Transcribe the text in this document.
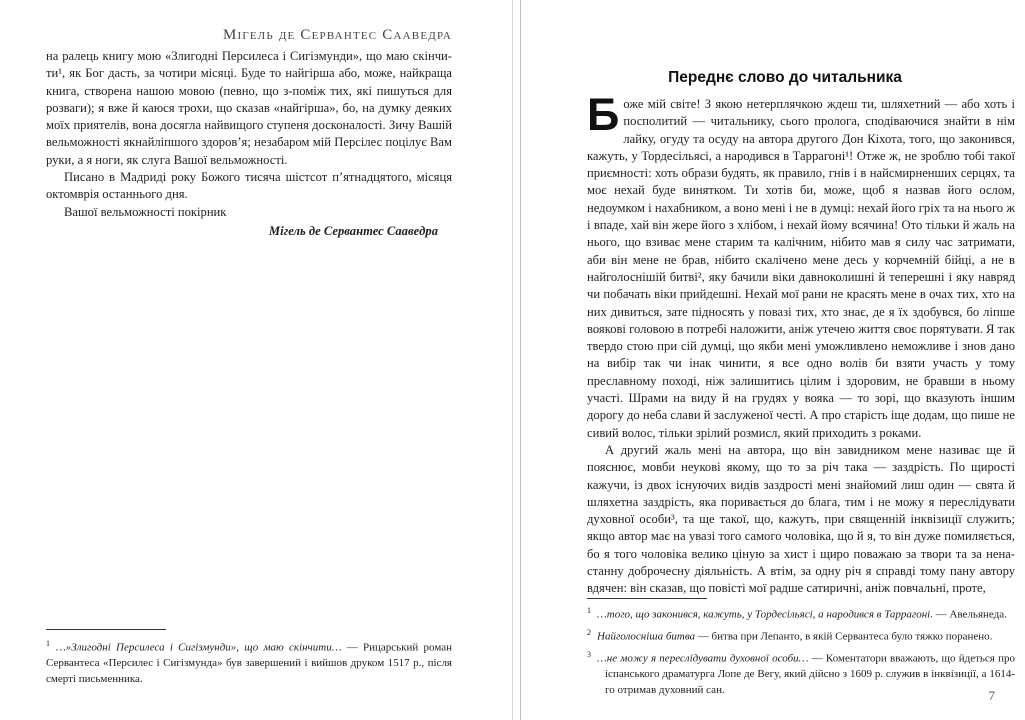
Мігель де Сервантес Саавeдра

на ралець книгу мою «Злигодні Персилеса і Сигізмунди», що маю скінчити¹, як Бог дасть, за чотири місяці. Буде то найгірша або, може, найкраща книга, створена нашою мовою (певно, що з-поміж тих, які пишуться для розваги); я вже й каюся трохи, що сказав «найгірша», бо, на думку деяких моїх приятелів, вона досягла найвищого ступеня досконалості. Зичу Вашій вельможності якнайліпшого здоров’я; незабаром мій Персілес поцілує Вам руки, а я ноги, як слуга Вашої вельможності.

Писано в Мадриді року Божого тисяча шістсот п’ятнадцятого, місяця октомврія останнього дня.

Вашої вельможності покірник

Мігель де Сервантес Саавeдра

$^1$ …»Злигодні Персилеса і Сигізмунди», що маю скінчити… — Рицарський роман Сервантеса «Персилес і Сигізмунда» був завершений і вийшов друком 1517 р., після смерті письменника.

Переднє слово до читальника

Боже мій світе! З якою нетерплячкою ждеш ти, шляхетний — або хоть і посполитий — читальнику, сього пролога, сподіваючися знайти в нім лайку, огуду та осуду на автора другого Дон Кіхота, того, що законився, кажуть, у Тордесільясі, а народився в Таррагоні¹! Отже ж, не зроблю тобі такої приємності: хоть образи будять, як правило, гнів і в найсмирненших серцях, та моє нехай буде винятком. Ти хотів би, може, щоб я назвав його ослом, недоумком і нахабником, а воно мені і не в думці: нехай його гріх та на нього ж і впаде, хай він жере його з хлібом, і нехай йому всячина! Ото тільки й жаль на нього, що взиває мене старим та калічним, нібито мав я силу час затримати, аби він мене не брав, нібито скалічено мене десь у корчемній бійці, а не в найголоснішій битві², яку бачили віки давноколишні й теперешні і яку навряд чи побачать віки прийдешні. Нехай мої рани не красять мене в очах тих, хто на них дивиться, зате підносять у повазі тих, хто знає, де я їх здобувся, бо ліпше воякові головою в потребі наложити, аніж утечею життя своє порятувати. Я так твердо стою при сій думці, що якби мені уможливлено неможливе і знов дано на вибір так чи інак чинити, я все одно волів би взяти участь у тому преславному поході, ніж залишитись цілим і здоровим, не бравши в ньому участі. Шрами на виду й на грудях у вояка — то зорі, що вказують іншим дорогу до неба слави й заслуженої честі. А про старість іще додам, що пише не сивий волос, тільки зрілий розмисл, який приходить з роками.

А другий жаль мені на автора, що він завидником мене називає ще й пояснює, мовби неукові якому, що то за річ така — заздрість. По щирості кажучи, із двох існуючих видів заздрості мені знайомий лиш один — свята й шляхетна заздрість, яка поривається до блага, тим і не можу я переслідувати духовної особи³, та ще такої, що, кажуть, при священній інквізиції служить; якщо автор має на увазі того самого чоловіка, що й я, то він дуже помиляється, бо я того чоловіка велико ціную за хист і щиро поважаю за твори та за ненастанну доброчесну діяльність. А втім, за одну річ я справді тому пану автору вдячен: він сказав, що повісті мої радше сатиричні, аніж повчальні, проте,

$^1$ …того, що законився, кажуть, у Тордесільясі, а народився в Таррагоні. — Авельянеда.

$^2$ Найголосніша битва — битва при Лепанто, в якій Сервантеса було тяжко поранено.

$^3$ …не можу я переслідувати духовної особи… — Коментатори вважають, що йдеться про іспанського драматурга Лопе де Вегу, який дійсно з 1609 р. служив в інквізиції, а 1614-го отримав духовний сан.	7
